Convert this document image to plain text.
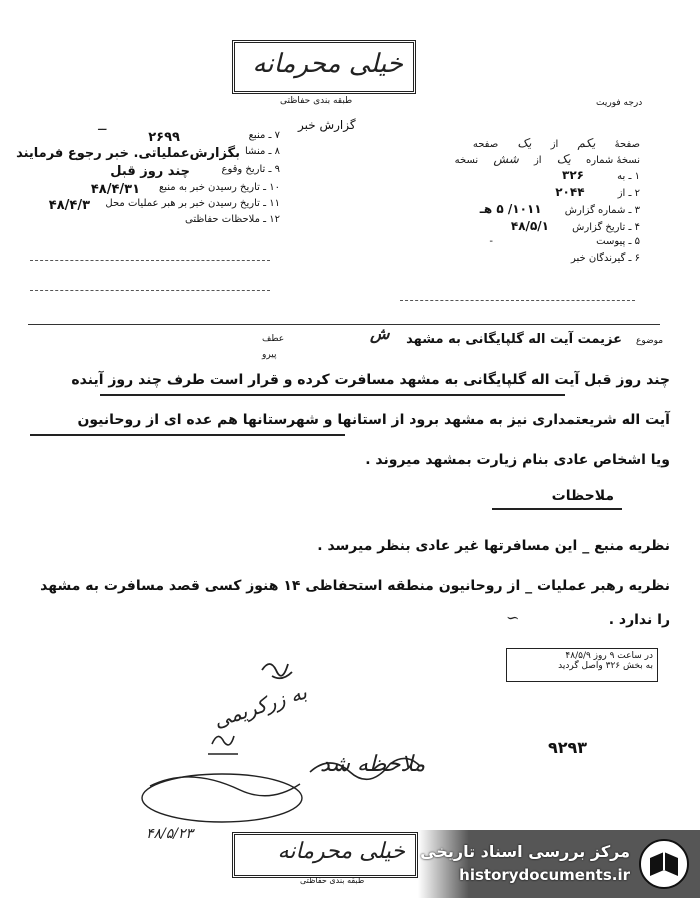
خیلی محرمانه
طبقه بندی حفاظتی	درجه فوریت
گزارش خبر
ــ
۷ ـ منبع
۲۶۹۹
۸ ـ منشا
بگزارش‌عملیاتی. خبر رجوع فرمایند
۹ ـ تاریخ وقوع
چند روز قبل
۱۰ ـ تاریخ رسیدن خبر به منبع
۴۸/۴/۳۱
۱۱ ـ تاریخ رسیدن خبر بر هبر عملیات محل
۴۸/۴/۳
۱۲ ـ ملاحظات حفاظتی
صفحهٔ یکم از یک صفحه
نسخهٔ شماره یک از شش نسخه
۱ ـ به ۳۲۶
۲ ـ از ۲۰۴۴
۳ ـ شماره گزارش ۱۰۱۱/ ۵ هـ
۴ ـ تاریخ گزارش ۴۸/۵/۱
۵ ـ پیوست -
۶ ـ گیرندگان خبر
موضوع
عزیمت آیت اله گلپایگانی به مشهد
ش
عطف
پیرو
چند روز قبل آیت اله گلپایگانی به مشهد مسافرت کرده و قرار است طرف چند روز آینده
آیت اله شریعتمداری نیز به مشهد برود از استانها و شهرستانها هم عده ای از روحانیون
ویا اشخاص عادی بنام زیارت بمشهد میروند .
ملاحظات
نظریه منبع _ این مسافرتها غیر عادی بنظر میرسد .
نظریه رهبر عملیات _ از روحانیون منطقه استحفاظی ۱۴ هنوز کسی قصد مسافرت به مشهد
را ندارد .
∽
در ساعت ۹ روز ۴۸/۵/۹
به بخش ۳۲۶ واصل گردید
۹۲۹۳
به زرکریمی
ملاحظه شد
۴۸/۵/۲۳
خیلی محرمانه
طبقه بندی حفاظتی
مرکز بررسی اسناد تاریخی
historydocuments.ir
